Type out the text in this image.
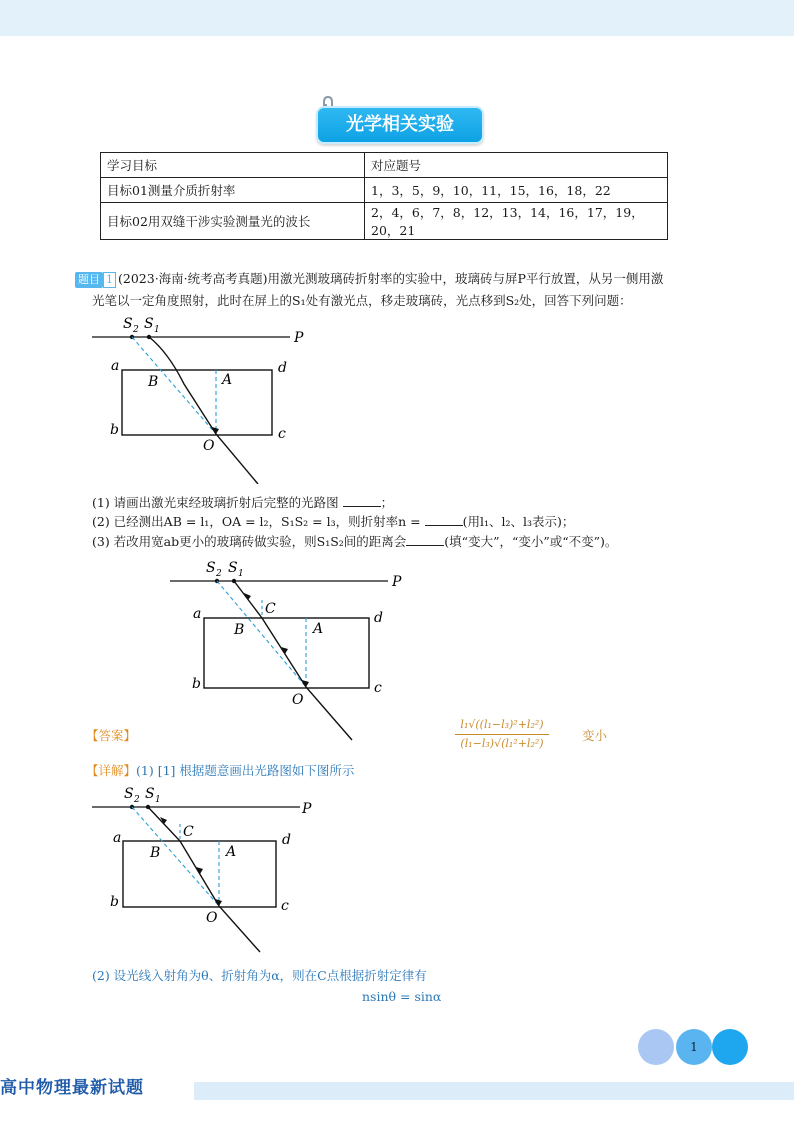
光学相关实验
学习目标	对应题号
目标01测量介质折射率	1，3，5，9，10，11，15，16，18，22
目标02用双缝干涉实验测量光的波长	2，4，6，7，8，12，13，14，16，17，19，20，21
题目 1 (2023·海南·统考高考真题)用激光测玻璃砖折射率的实验中，玻璃砖与屏P平行放置，从另一侧用激
光笔以一定角度照射，此时在屏上的S₁处有激光点，移走玻璃砖，光点移到S₂处，回答下列问题：
S 2 S 1	P
a	d
b	c
B	A
O
(1) 请画出激光束经玻璃折射后完整的光路图	；
(2) 已经测出AB = l₁，OA = l₂，S₁S₂ = l₃，则折射率n =	(用l₁、l₂、l₃表示)；
(3) 若改用宽ab更小的玻璃砖做实验，则S₁S₂间的距离会	(填“变大”，“变小”或“不变”)。
S 2 S 1	P
a	d
b	c
C
B	A
O
【答案】
l₁√((l₁−l₃)²+l₂²)
(l₁−l₃)√(l₁²+l₂²)
变小
【详解】(1) [1] 根据题意画出光路图如下图所示
S 2 S 1
P
a	d
b	c
C
B	A
O
(2) 设光线入射角为θ、折射角为α，则在C点根据折射定律有
nsinθ = sinα
1
高中物理最新试题
